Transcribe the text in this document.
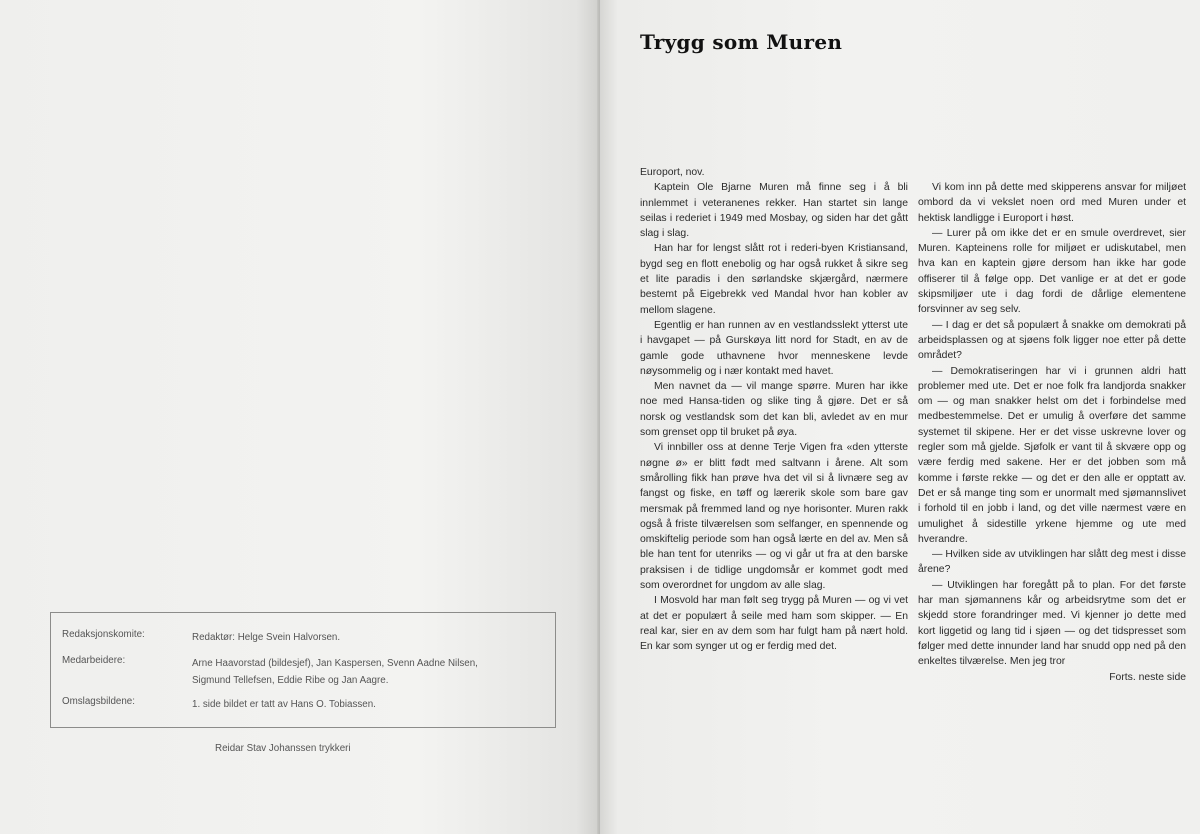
Redaksjonskomite:	Redaktør: Helge Svein Halvorsen.
Medarbeidere:	Arne Haavorstad (bildesjef), Jan Kaspersen, Svenn Aadne Nilsen,
Sigmund Tellefsen, Eddie Ribe og Jan Aagre.
Omslagsbildene:	1. side bildet er tatt av Hans O. Tobiassen.
Reidar Stav Johanssen trykkeri
Trygg som Muren

Europort, nov.

Kaptein Ole Bjarne Muren må finne seg i å bli innlemmet i veteranenes rekker. Han startet sin lange seilas i rederiet i 1949 med Mosbay, og siden har det gått slag i slag.

Han har for lengst slått rot i rederi-byen Kristiansand, bygd seg en flott enebolig og har også rukket å sikre seg et lite paradis i den sørlandske skjærgård, nærmere bestemt på Eigebrekk ved Mandal hvor han kobler av mellom slagene.

Egentlig er han runnen av en vestlandsslekt ytterst ute i havgapet — på Gurskøya litt nord for Stadt, en av de gamle gode uthavnene hvor menneskene levde nøysommelig og i nær kontakt med havet.

Men navnet da — vil mange spørre. Muren har ikke noe med Hansa-tiden og slike ting å gjøre. Det er så norsk og vestlandsk som det kan bli, avledet av en mur som grenset opp til bruket på øya.

Vi innbiller oss at denne Terje Vigen fra «den ytterste nøgne ø» er blitt født med saltvann i årene. Alt som smårolling fikk han prøve hva det vil si å livnære seg av fangst og fiske, en tøff og lærerik skole som bare gav mersmak på fremmed land og nye horisonter. Muren rakk også å friste tilværelsen som selfanger, en spennende og omskiftelig periode som han også lærte en del av. Men så ble han tent for utenriks — og vi går ut fra at den barske praksisen i de tidlige ungdomsår er kommet godt med som overordnet for ungdom av alle slag.

I Mosvold har man følt seg trygg på Muren — og vi vet at det er populært å seile med ham som skipper. — En real kar, sier en av dem som har fulgt ham på nært hold. En kar som synger ut og er ferdig med det.

Vi kom inn på dette med skipperens ansvar for miljøet ombord da vi vekslet noen ord med Muren under et hektisk landligge i Europort i høst.

— Lurer på om ikke det er en smule overdrevet, sier Muren. Kapteinens rolle for miljøet er udiskutabel, men hva kan en kaptein gjøre dersom han ikke har gode offiserer til å følge opp. Det vanlige er at det er gode skipsmiljøer ute i dag fordi de dårlige elementene forsvinner av seg selv.

— I dag er det så populært å snakke om demokrati på arbeidsplassen og at sjøens folk ligger noe etter på dette området?

— Demokratiseringen har vi i grunnen aldri hatt problemer med ute. Det er noe folk fra landjorda snakker om — og man snakker helst om det i forbindelse med medbestemmelse. Det er umulig å overføre det samme systemet til skipene. Her er det visse uskrevne lover og regler som må gjelde. Sjøfolk er vant til å skvære opp og være ferdig med sakene. Her er det jobben som må komme i første rekke — og det er den alle er opptatt av. Det er så mange ting som er unormalt med sjømannslivet i forhold til en jobb i land, og det ville nærmest være en umulighet å sidestille yrkene hjemme og ute med hverandre.

— Hvilken side av utviklingen har slått deg mest i disse årene?

— Utviklingen har foregått på to plan. For det første har man sjømannens kår og arbeidsrytme som det er skjedd store forandringer med. Vi kjenner jo dette med kort liggetid og lang tid i sjøen — og det tidspresset som følger med dette innunder land har snudd opp ned på den enkeltes tilværelse. Men jeg tror

Forts. neste side
